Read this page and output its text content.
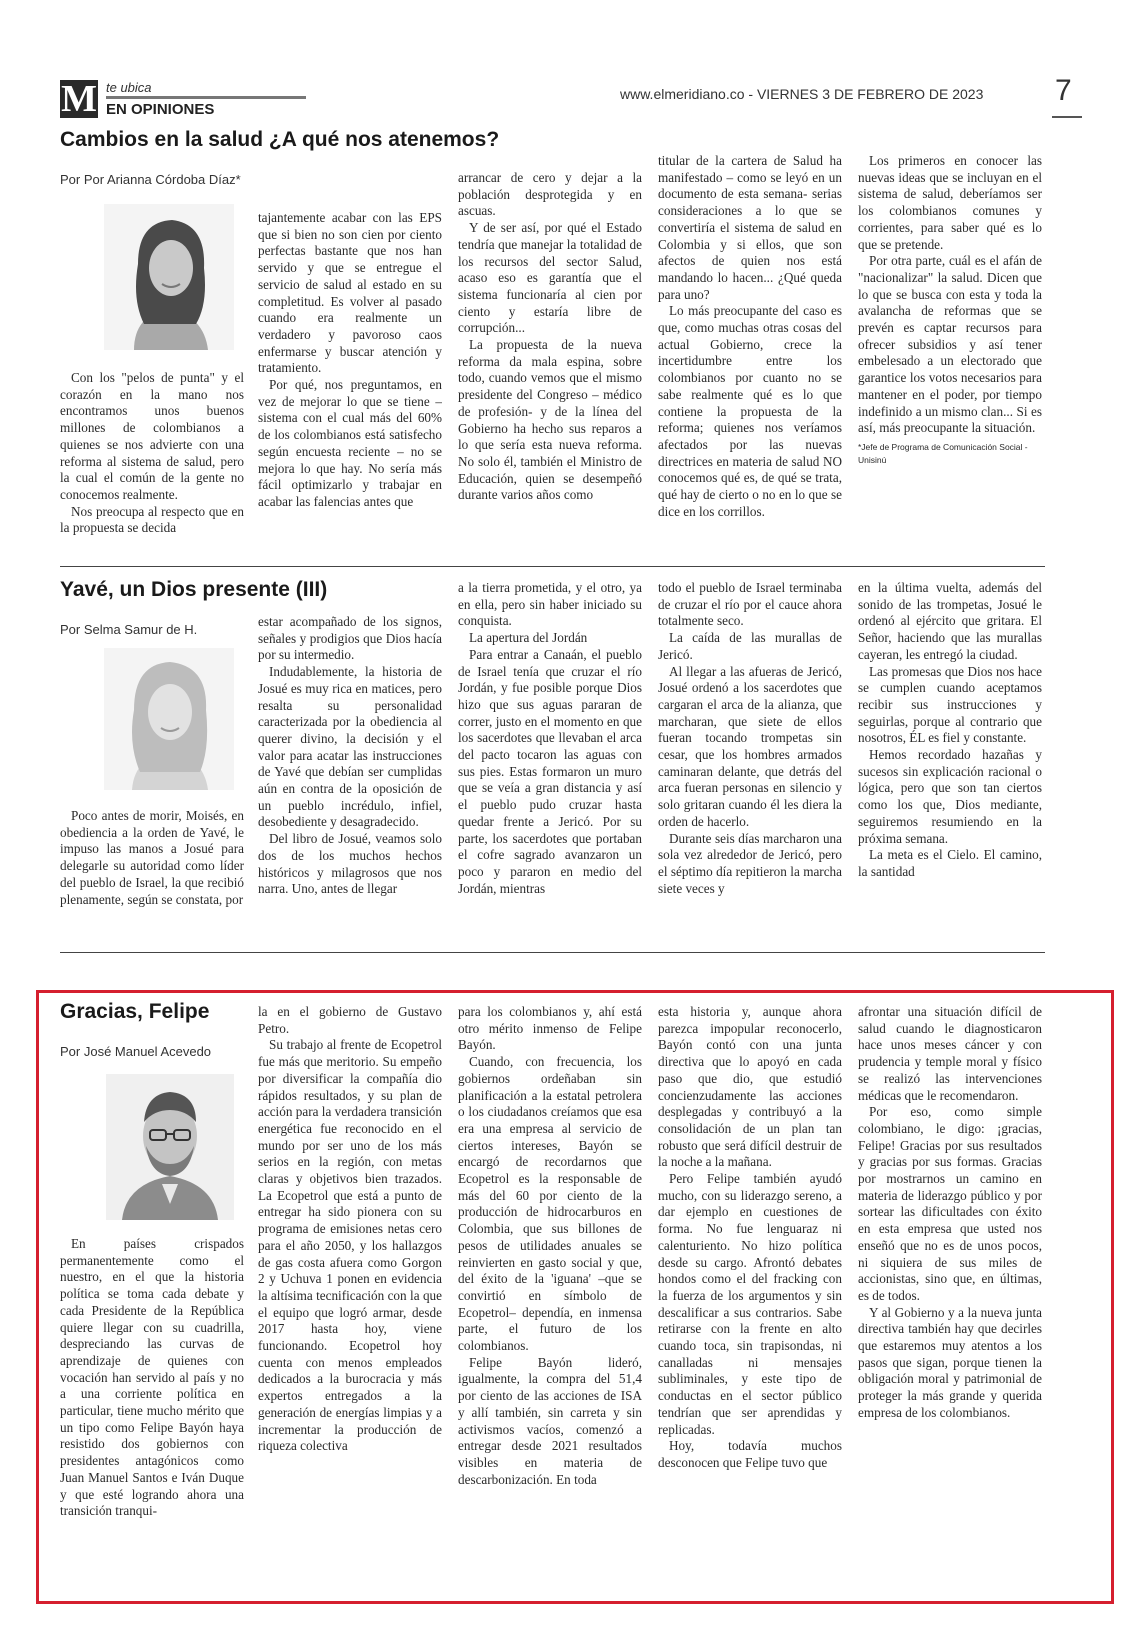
M te ubica
EN OPINIONES
www.elmeridiano.co - VIERNES 3 DE FEBRERO DE 2023 7
Cambios en la salud ¿A qué nos atenemos?
Por Por Arianna Córdoba Díaz*

Con los "pelos de punta" y el corazón en la mano nos encontramos unos buenos millones de colombianos a quienes se nos advierte con una reforma al sistema de salud, pero la cual el común de la gente no conocemos realmente.

Nos preocupa al respecto que en la propuesta se decida

tajantemente acabar con las EPS que si bien no son cien por ciento perfectas bastante que nos han servido y que se entregue el servicio de salud al estado en su completitud. Es volver al pasado cuando era realmente un verdadero y pavoroso caos enfermarse y buscar atención y tratamiento.

Por qué, nos preguntamos, en vez de mejorar lo que se tiene – sistema con el cual más del 60% de los colombianos está satisfecho según encuesta reciente – no se mejora lo que hay. No sería más fácil optimizarlo y trabajar en acabar las falencias antes que

arrancar de cero y dejar a la población desprotegida y en ascuas.

Y de ser así, por qué el Estado tendría que manejar la totalidad de los recursos del sector Salud, acaso eso es garantía que el sistema funcionaría al cien por ciento y estaría libre de corrupción...

La propuesta de la nueva reforma da mala espina, sobre todo, cuando vemos que el mismo presidente del Congreso – médico de profesión- y de la línea del Gobierno ha hecho sus reparos a lo que sería esta nueva reforma. No solo él, también el Ministro de Educación, quien se desempeñó durante varios años como

titular de la cartera de Salud ha manifestado – como se leyó en un documento de esta semana- serias consideraciones a lo que se convertiría el sistema de salud en Colombia y si ellos, que son afectos de quien nos está mandando lo hacen... ¿Qué queda para uno?

Lo más preocupante del caso es que, como muchas otras cosas del actual Gobierno, crece la incertidumbre entre los colombianos por cuanto no se sabe realmente qué es lo que contiene la propuesta de la reforma; quienes nos veríamos afectados por las nuevas directrices en materia de salud NO conocemos qué es, de qué se trata, qué hay de cierto o no en lo que se dice en los corrillos.

Los primeros en conocer las nuevas ideas que se incluyan en el sistema de salud, deberíamos ser los colombianos comunes y corrientes, para saber qué es lo que se pretende.

Por otra parte, cuál es el afán de "nacionalizar" la salud. Dicen que lo que se busca con esta y toda la avalancha de reformas que se prevén es captar recursos para ofrecer subsidios y así tener embelesado a un electorado que garantice los votos necesarios para mantener en el poder, por tiempo indefinido a un mismo clan... Si es así, más preocupante la situación.

*Jefe de Programa de Comunicación Social - Unisinú

Yavé, un Dios presente (III)
Por Selma Samur de H.

Poco antes de morir, Moisés, en obediencia a la orden de Yavé, le impuso las manos a Josué para delegarle su autoridad como líder del pueblo de Israel, la que recibió plenamente, según se constata, por

estar acompañado de los signos, señales y prodigios que Dios hacía por su intermedio.

Indudablemente, la historia de Josué es muy rica en matices, pero resalta su personalidad caracterizada por la obediencia al querer divino, la decisión y el valor para acatar las instrucciones de Yavé que debían ser cumplidas aún en contra de la oposición de un pueblo incrédulo, infiel, desobediente y desagradecido.

Del libro de Josué, veamos solo dos de los muchos hechos históricos y milagrosos que nos narra. Uno, antes de llegar

a la tierra prometida, y el otro, ya en ella, pero sin haber iniciado su conquista.

La apertura del Jordán

Para entrar a Canaán, el pueblo de Israel tenía que cruzar el río Jordán, y fue posible porque Dios hizo que sus aguas pararan de correr, justo en el momento en que los sacerdotes que llevaban el arca del pacto tocaron las aguas con sus pies. Estas formaron un muro que se veía a gran distancia y así el pueblo pudo cruzar hasta quedar frente a Jericó. Por su parte, los sacerdotes que portaban el cofre sagrado avanzaron un poco y pararon en medio del Jordán, mientras

todo el pueblo de Israel terminaba de cruzar el río por el cauce ahora totalmente seco.

La caída de las murallas de Jericó.

Al llegar a las afueras de Jericó, Josué ordenó a los sacerdotes que cargaran el arca de la alianza, que marcharan, que siete de ellos fueran tocando trompetas sin cesar, que los hombres armados caminaran delante, que detrás del arca fueran personas en silencio y solo gritaran cuando él les diera la orden de hacerlo.

Durante seis días marcharon una sola vez alrededor de Jericó, pero el séptimo día repitieron la marcha siete veces y

en la última vuelta, además del sonido de las trompetas, Josué le ordenó al ejército que gritara. El Señor, haciendo que las murallas cayeran, les entregó la ciudad.

Las promesas que Dios nos hace se cumplen cuando aceptamos recibir sus instrucciones y seguirlas, porque al contrario que nosotros, ÉL es fiel y constante.

Hemos recordado hazañas y sucesos sin explicación racional o lógica, pero que son tan ciertos como los que, Dios mediante, seguiremos resumiendo en la próxima semana.

La meta es el Cielo. El camino, la santidad

Gracias, Felipe
Por José Manuel Acevedo

En países crispados permanentemente como el nuestro, en el que la historia política se toma cada debate y cada Presidente de la República quiere llegar con su cuadrilla, despreciando las curvas de aprendizaje de quienes con vocación han servido al país y no a una corriente política en particular, tiene mucho mérito que un tipo como Felipe Bayón haya resistido dos gobiernos con presidentes antagónicos como Juan Manuel Santos e Iván Duque y que esté logrando ahora una transición tranqui-

la en el gobierno de Gustavo Petro.

Su trabajo al frente de Ecopetrol fue más que meritorio. Su empeño por diversificar la compañía dio rápidos resultados, y su plan de acción para la verdadera transición energética fue reconocido en el mundo por ser uno de los más serios en la región, con metas claras y objetivos bien trazados. La Ecopetrol que está a punto de entregar ha sido pionera con su programa de emisiones netas cero para el año 2050, y los hallazgos de gas costa afuera como Gorgon 2 y Uchuva 1 ponen en evidencia la altísima tecnificación con la que el equipo que logró armar, desde 2017 hasta hoy, viene funcionando. Ecopetrol hoy cuenta con menos empleados dedicados a la burocracia y más expertos entregados a la generación de energías limpias y a incrementar la producción de riqueza colectiva

para los colombianos y, ahí está otro mérito inmenso de Felipe Bayón.

Cuando, con frecuencia, los gobiernos ordeñaban sin planificación a la estatal petrolera o los ciudadanos creíamos que esa era una empresa al servicio de ciertos intereses, Bayón se encargó de recordarnos que Ecopetrol es la responsable de más del 60 por ciento de la producción de hidrocarburos en Colombia, que sus billones de pesos de utilidades anuales se reinvierten en gasto social y que, del éxito de la 'iguana' –que se convirtió en símbolo de Ecopetrol– dependía, en inmensa parte, el futuro de los colombianos.

Felipe Bayón lideró, igualmente, la compra del 51,4 por ciento de las acciones de ISA y allí también, sin carreta y sin activismos vacíos, comenzó a entregar desde 2021 resultados visibles en materia de descarbonización. En toda

esta historia y, aunque ahora parezca impopular reconocerlo, Bayón contó con una junta directiva que lo apoyó en cada paso que dio, que estudió concienzudamente las acciones desplegadas y contribuyó a la consolidación de un plan tan robusto que será difícil destruir de la noche a la mañana.

Pero Felipe también ayudó mucho, con su liderazgo sereno, a dar ejemplo en cuestiones de forma. No fue lenguaraz ni calenturiento. No hizo política desde su cargo. Afrontó debates hondos como el del fracking con la fuerza de los argumentos y sin descalificar a sus contrarios. Sabe retirarse con la frente en alto cuando toca, sin trapisondas, ni canalladas ni mensajes subliminales, y este tipo de conductas en el sector público tendrían que ser aprendidas y replicadas.

Hoy, todavía muchos desconocen que Felipe tuvo que

afrontar una situación difícil de salud cuando le diagnosticaron hace unos meses cáncer y con prudencia y temple moral y físico se realizó las intervenciones médicas que le recomendaron.

Por eso, como simple colombiano, le digo: ¡gracias, Felipe! Gracias por sus resultados y gracias por sus formas. Gracias por mostrarnos un camino en materia de liderazgo público y por sortear las dificultades con éxito en esta empresa que usted nos enseñó que no es de unos pocos, ni siquiera de sus miles de accionistas, sino que, en últimas, es de todos.

Y al Gobierno y a la nueva junta directiva también hay que decirles que estaremos muy atentos a los pasos que sigan, porque tienen la obligación moral y patrimonial de proteger la más grande y querida empresa de los colombianos.
